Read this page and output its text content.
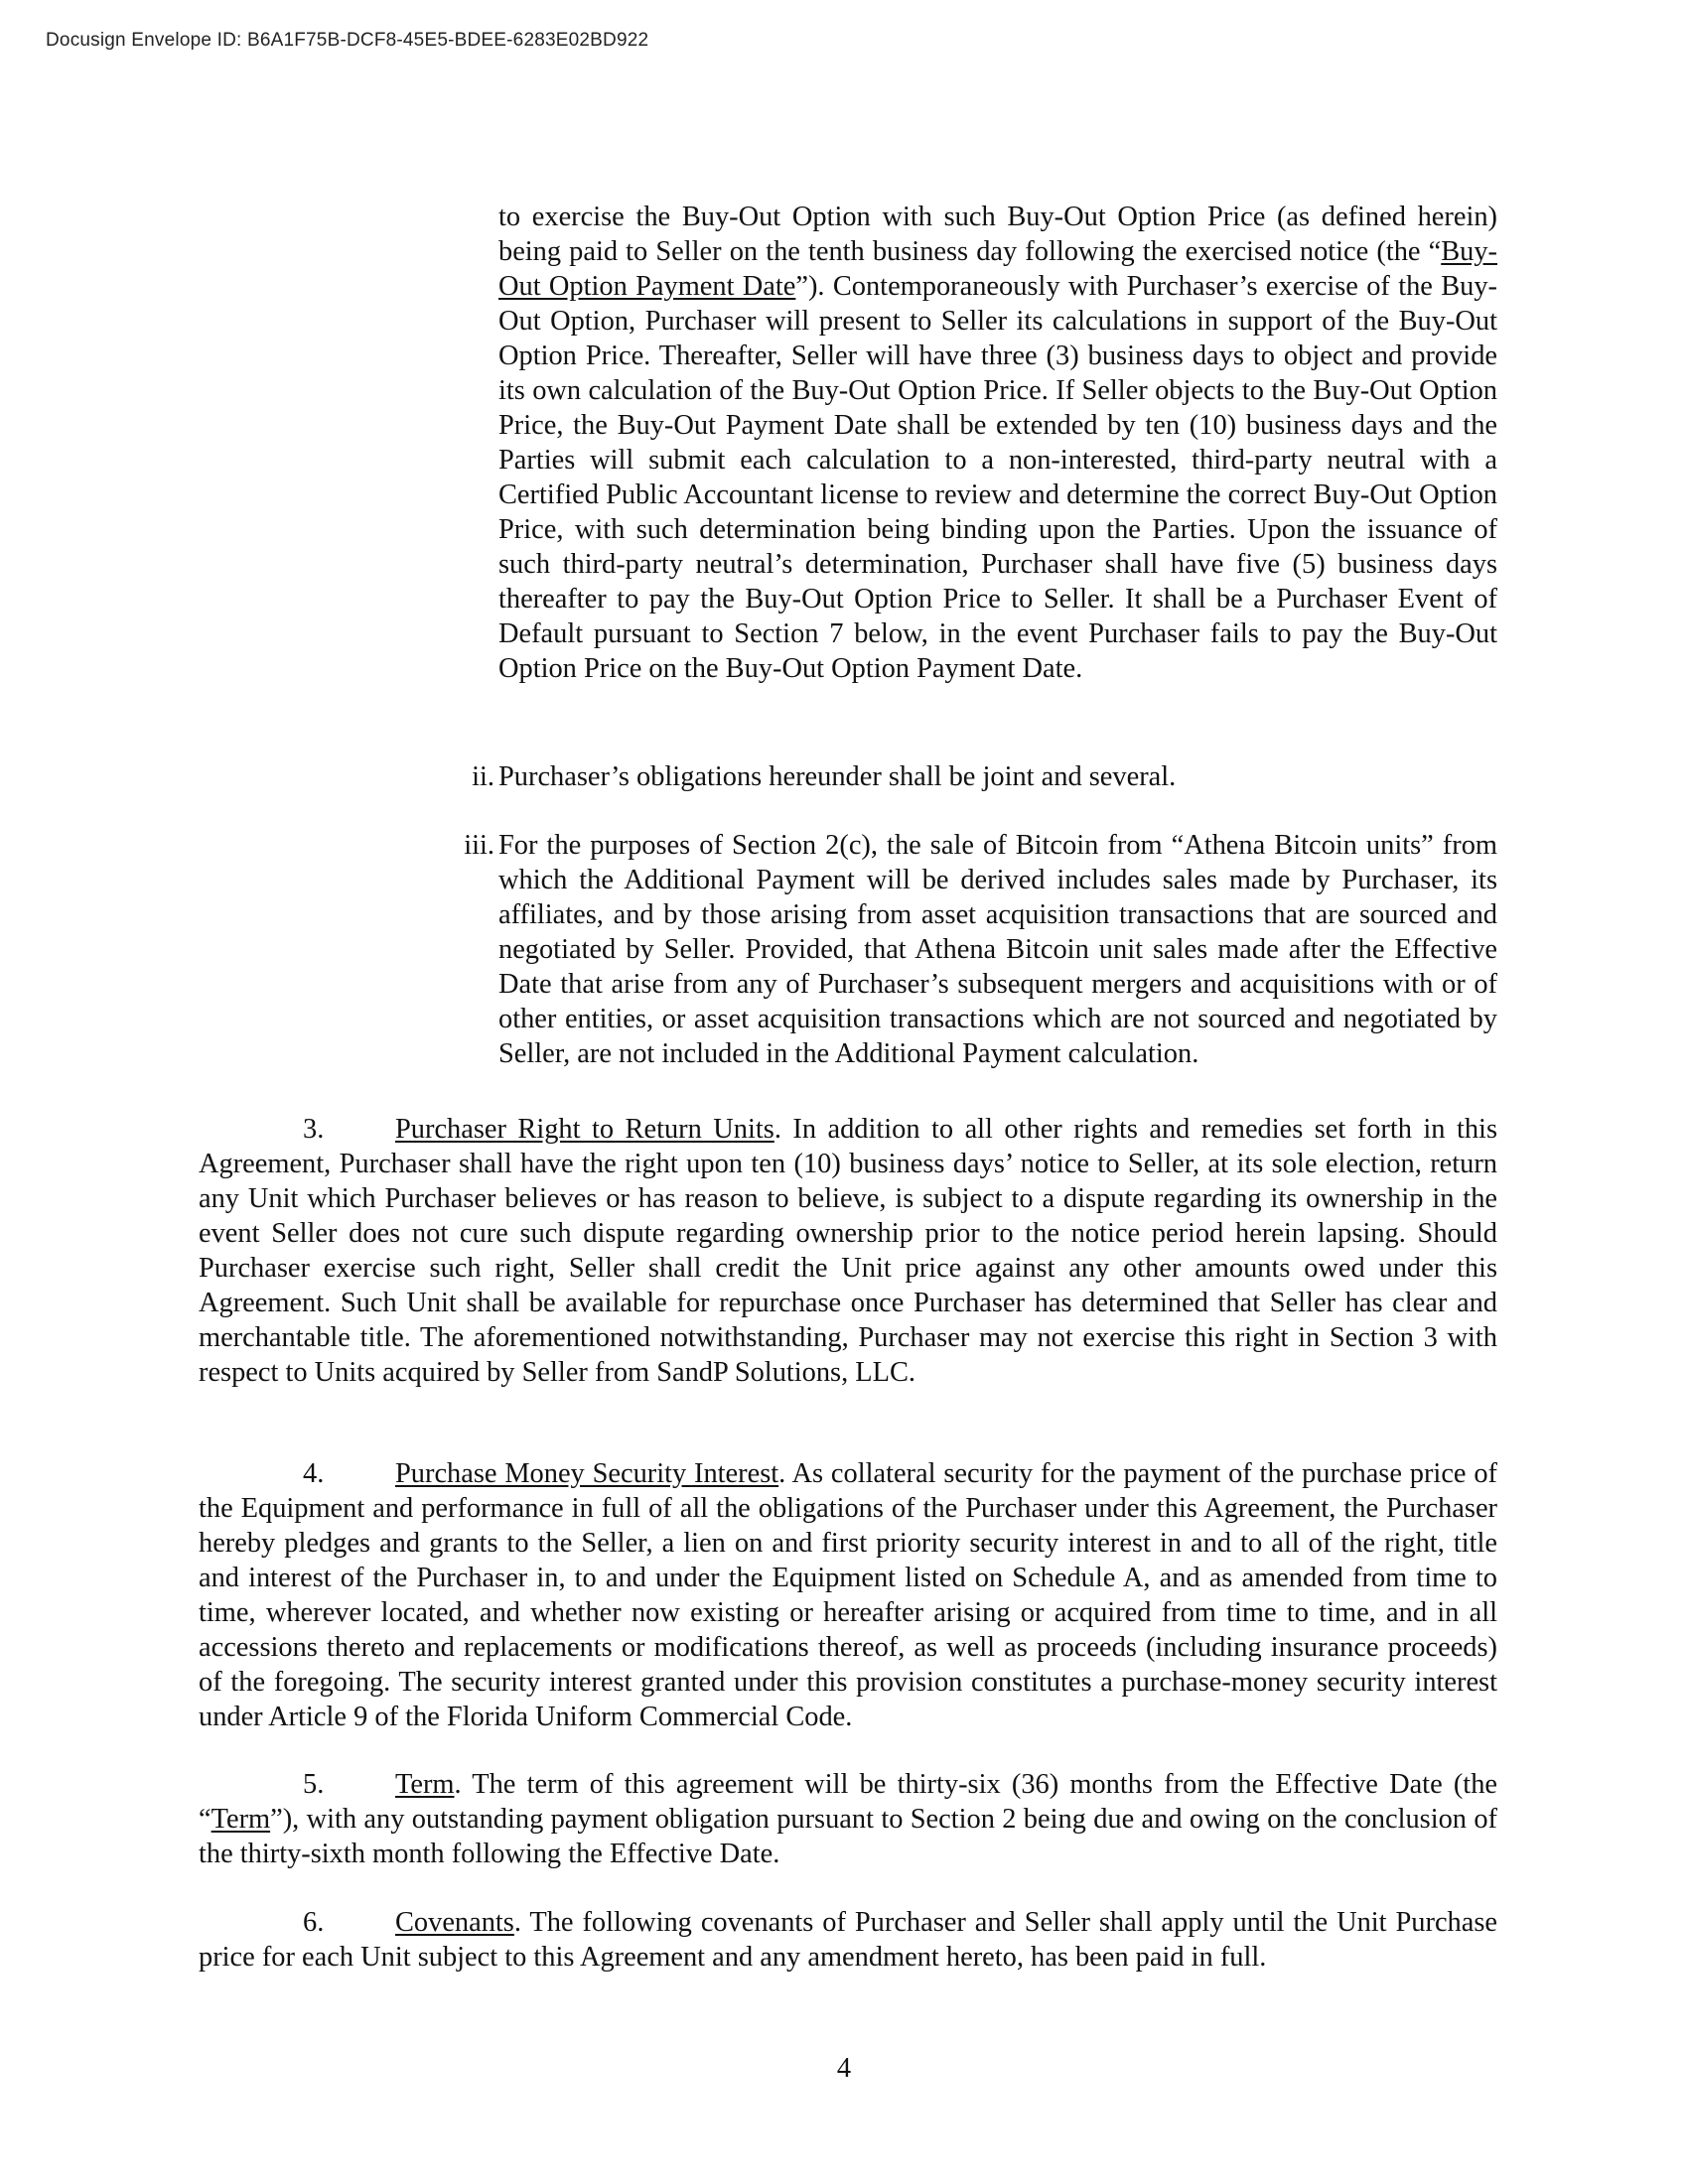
Docusign Envelope ID: B6A1F75B-DCF8-45E5-BDEE-6283E02BD922

to exercise the Buy-Out Option with such Buy-Out Option Price (as defined herein) being paid to Seller on the tenth business day following the exercised notice (the “Buy-Out Option Payment Date”). Contemporaneously with Purchaser’s exercise of the Buy-Out Option, Purchaser will present to Seller its calculations in support of the Buy-Out Option Price. Thereafter, Seller will have three (3) business days to object and provide its own calculation of the Buy-Out Option Price. If Seller objects to the Buy-Out Option Price, the Buy-Out Payment Date shall be extended by ten (10) business days and the Parties will submit each calculation to a non-interested, third-party neutral with a Certified Public Accountant license to review and determine the correct Buy-Out Option Price, with such determination being binding upon the Parties. Upon the issuance of such third-party neutral’s determination, Purchaser shall have five (5) business days thereafter to pay the Buy-Out Option Price to Seller. It shall be a Purchaser Event of Default pursuant to Section 7 below, in the event Purchaser fails to pay the Buy-Out Option Price on the Buy-Out Option Payment Date.

ii. Purchaser’s obligations hereunder shall be joint and several.

iii. For the purposes of Section 2(c), the sale of Bitcoin from “Athena Bitcoin units” from which the Additional Payment will be derived includes sales made by Purchaser, its affiliates, and by those arising from asset acquisition transactions that are sourced and negotiated by Seller. Provided, that Athena Bitcoin unit sales made after the Effective Date that arise from any of Purchaser’s subsequent mergers and acquisitions with or of other entities, or asset acquisition transactions which are not sourced and negotiated by Seller, are not included in the Additional Payment calculation.

3.	Purchaser Right to Return Units. In addition to all other rights and remedies set forth in this Agreement, Purchaser shall have the right upon ten (10) business days’ notice to Seller, at its sole election, return any Unit which Purchaser believes or has reason to believe, is subject to a dispute regarding its ownership in the event Seller does not cure such dispute regarding ownership prior to the notice period herein lapsing. Should Purchaser exercise such right, Seller shall credit the Unit price against any other amounts owed under this Agreement. Such Unit shall be available for repurchase once Purchaser has determined that Seller has clear and merchantable title. The aforementioned notwithstanding, Purchaser may not exercise this right in Section 3 with respect to Units acquired by Seller from SandP Solutions, LLC.

4.	Purchase Money Security Interest. As collateral security for the payment of the purchase price of the Equipment and performance in full of all the obligations of the Purchaser under this Agreement, the Purchaser hereby pledges and grants to the Seller, a lien on and first priority security interest in and to all of the right, title and interest of the Purchaser in, to and under the Equipment listed on Schedule A, and as amended from time to time, wherever located, and whether now existing or hereafter arising or acquired from time to time, and in all accessions thereto and replacements or modifications thereof, as well as proceeds (including insurance proceeds) of the foregoing. The security interest granted under this provision constitutes a purchase-money security interest under Article 9 of the Florida Uniform Commercial Code.

5.	Term. The term of this agreement will be thirty-six (36) months from the Effective Date (the “Term”), with any outstanding payment obligation pursuant to Section 2 being due and owing on the conclusion of the thirty-sixth month following the Effective Date.

6.	Covenants. The following covenants of Purchaser and Seller shall apply until the Unit Purchase price for each Unit subject to this Agreement and any amendment hereto, has been paid in full.

4
